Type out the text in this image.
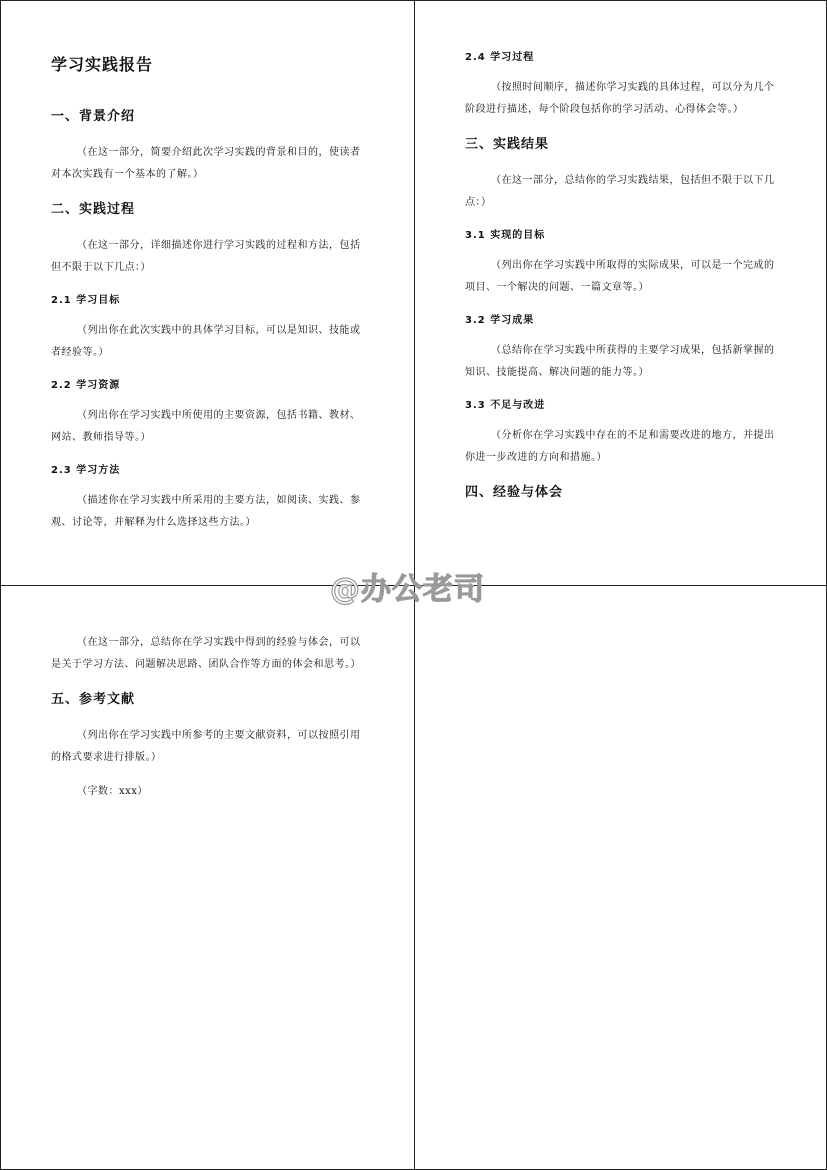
学习实践报告
一、背景介绍

（在这一部分，简要介绍此次学习实践的背景和目的，使读者对本次实践有一个基本的了解。）

二、实践过程

（在这一部分，详细描述你进行学习实践的过程和方法，包括但不限于以下几点：）

2.1 学习目标

（列出你在此次实践中的具体学习目标，可以是知识、技能或者经验等。）

2.2 学习资源

（列出你在学习实践中所使用的主要资源，包括书籍、教材、网站、教师指导等。）

2.3 学习方法

（描述你在学习实践中所采用的主要方法，如阅读、实践、参观、讨论等，并解释为什么选择这些方法。）

2.4 学习过程

（按照时间顺序，描述你学习实践的具体过程，可以分为几个阶段进行描述，每个阶段包括你的学习活动、心得体会等。）

三、实践结果

（在这一部分，总结你的学习实践结果，包括但不限于以下几点：）

3.1 实现的目标

（列出你在学习实践中所取得的实际成果，可以是一个完成的项目、一个解决的问题、一篇文章等。）

3.2 学习成果

（总结你在学习实践中所获得的主要学习成果，包括新掌握的知识、技能提高、解决问题的能力等。）

3.3 不足与改进

（分析你在学习实践中存在的不足和需要改进的地方，并提出你进一步改进的方向和措施。）

四、经验与体会

（在这一部分，总结你在学习实践中得到的经验与体会，可以是关于学习方法、问题解决思路、团队合作等方面的体会和思考。）

五、参考文献

（列出你在学习实践中所参考的主要文献资料，可以按照引用的格式要求进行排版。）

（字数：xxx）

@办公老司
